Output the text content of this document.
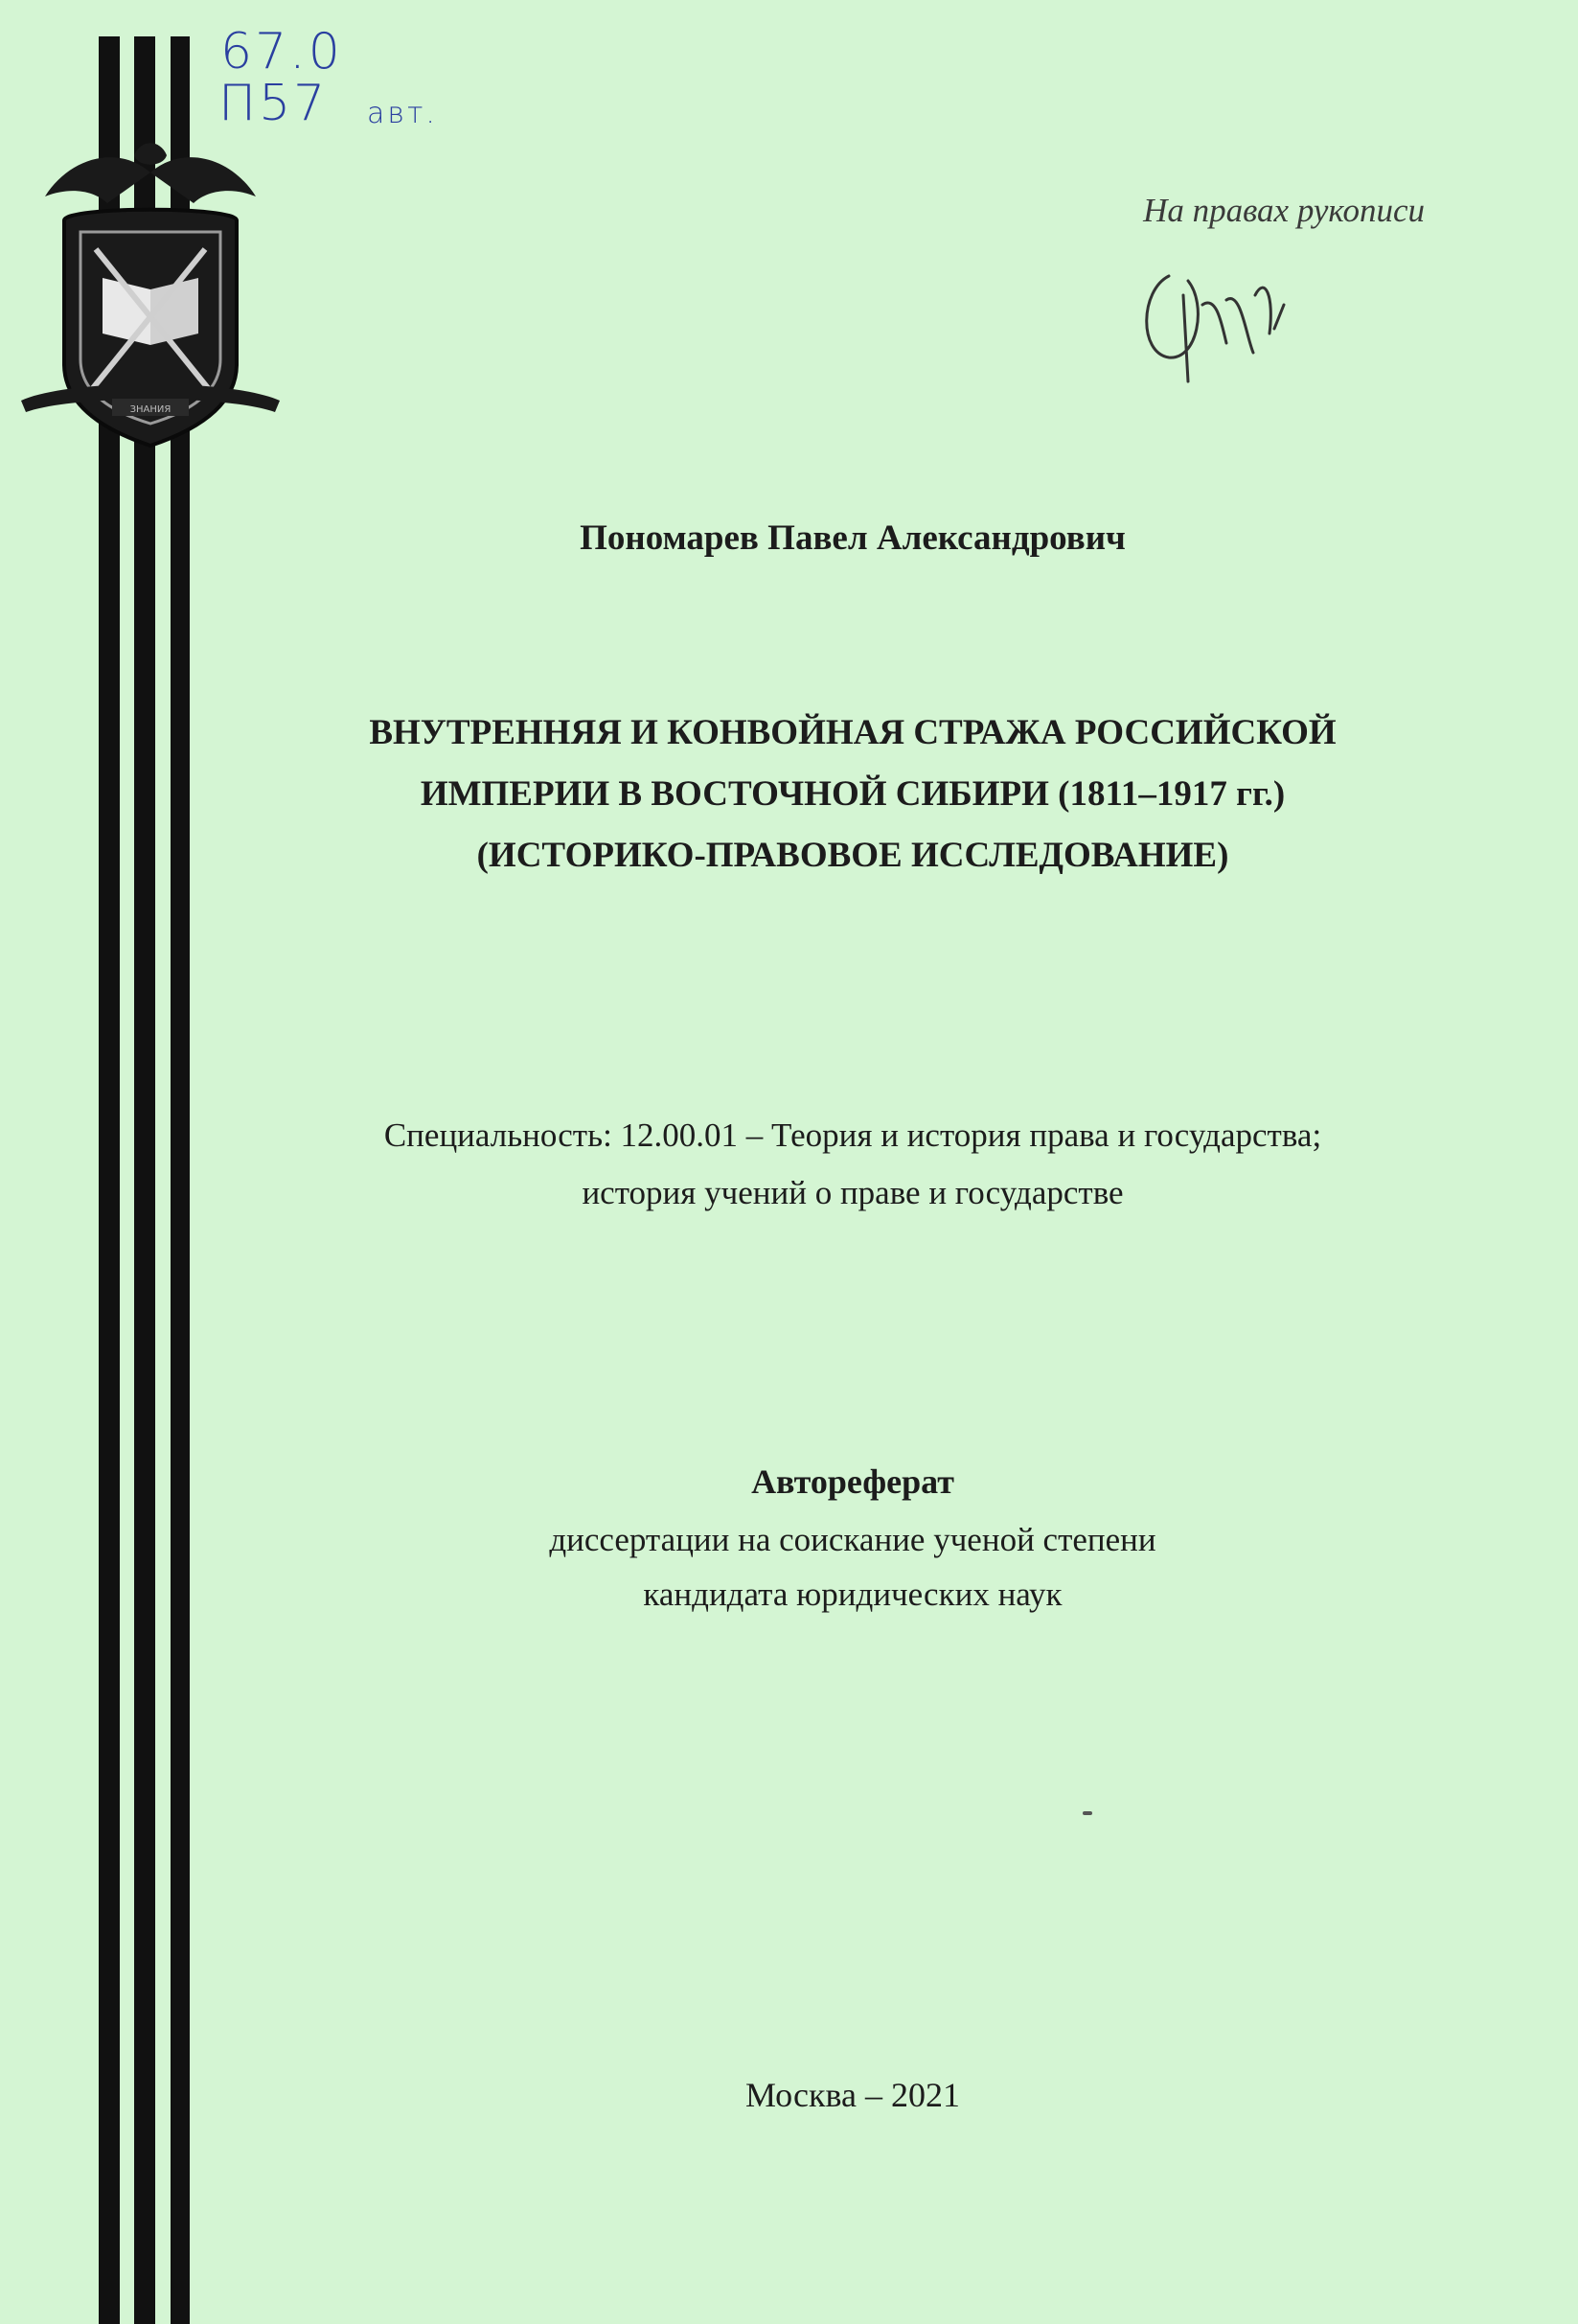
ЗНАНИЯ
67.0
П57 авт.
На правах рукописи
Пономарев Павел Александрович
ВНУТРЕННЯЯ И КОНВОЙНАЯ СТРАЖА РОССИЙСКОЙ
ИМПЕРИИ В ВОСТОЧНОЙ СИБИРИ (1811–1917 гг.)
(ИСТОРИКО-ПРАВОВОЕ ИССЛЕДОВАНИЕ)
Специальность: 12.00.01 – Теория и история права и государства;
история учений о праве и государстве
Автореферат
диссертации на соискание ученой степени
кандидата юридических наук
Москва – 2021
